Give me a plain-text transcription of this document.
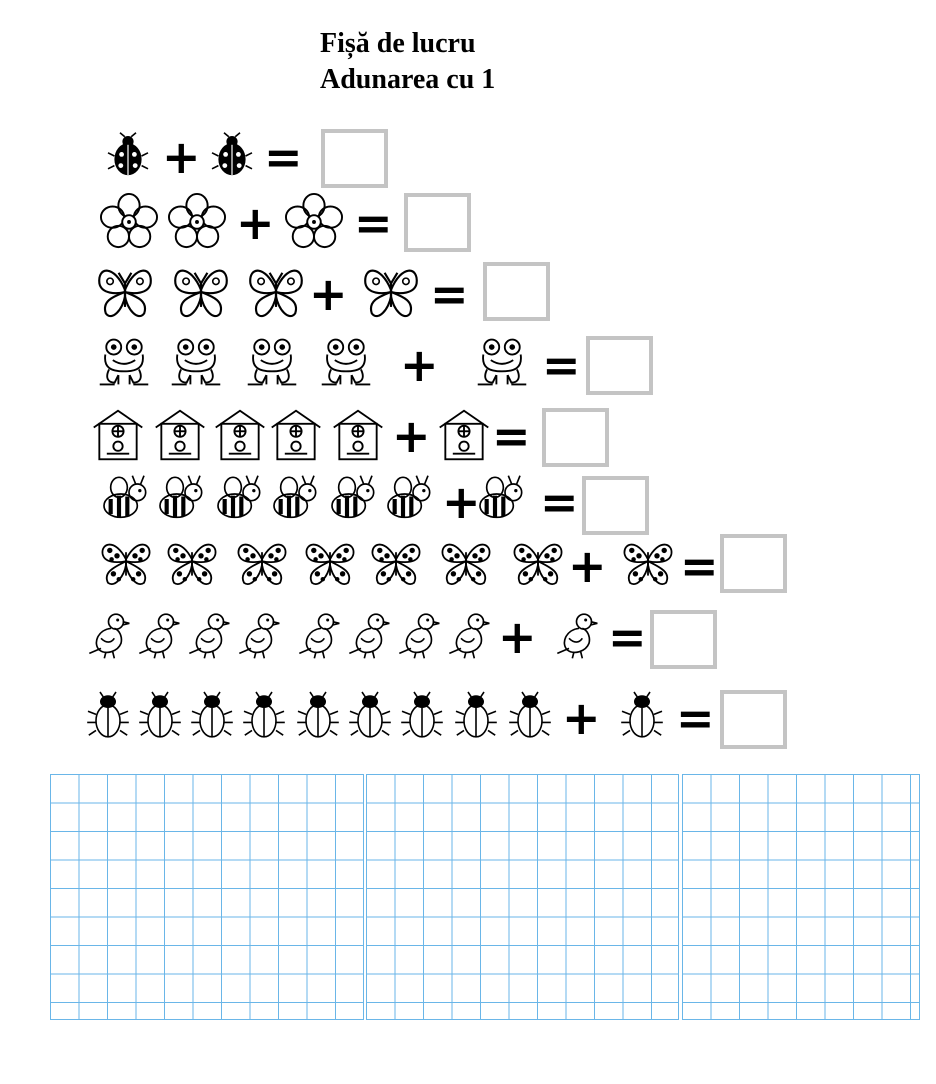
Fișă de lucru
Adunarea cu 1
+ =
+ =
+ =
+ =
+ =
+ =
+ =
+ =
+ =
